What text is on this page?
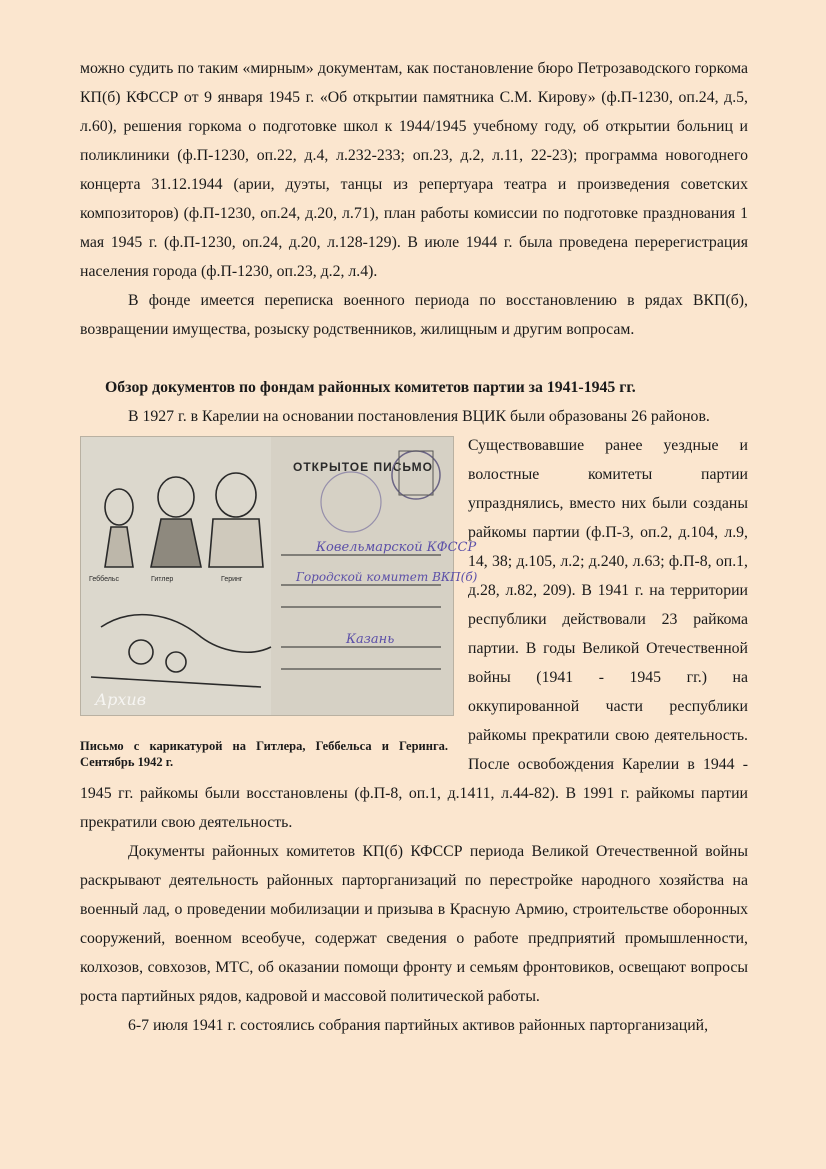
можно судить по таким «мирным» документам, как постановление бюро Петрозаводского горкома КП(б) КФССР от 9 января 1945 г. «Об открытии памятника С.М. Кирову» (ф.П-1230, оп.24, д.5, л.60), решения горкома о подготовке школ к 1944/1945 учебному году, об открытии больниц и поликлиники (ф.П-1230, оп.22, д.4, л.232-233; оп.23, д.2, л.11, 22-23); программа новогоднего концерта 31.12.1944 (арии, дуэты, танцы из репертуара театра и произведения советских композиторов) (ф.П-1230, оп.24, д.20, л.71), план работы комиссии по подготовке празднования 1 мая 1945 г. (ф.П-1230, оп.24, д.20, л.128-129). В июле 1944 г. была проведена перерегистрация населения города (ф.П-1230, оп.23, д.2, л.4).

В фонде имеется переписка военного периода по восстановлению в рядах ВКП(б), возвращении имущества, розыску родственников, жилищным и другим вопросам.

Обзор документов по фондам районных комитетов партии за 1941-1945 гг.

В 1927 г. в Карелии на основании постановления ВЦИК были образованы 26 районов.

Геббельс	Гитлер	Геринг
ОТКРЫТОЕ ПИСЬМО
Ковельмарской КФССР
Городской комитет ВКП(б)
Казань
Архив
Письмо с карикатурой на Гитлера, Геббельса и Геринга. Сентябрь 1942 г.

Существовавшие ранее уездные и волостные комитеты партии упразднялись, вместо них были созданы райкомы партии (ф.П-3, оп.2, д.104, л.9, 14, 38; д.105, л.2; д.240, л.63; ф.П-8, оп.1, д.28, л.82, 209). В 1941 г. на территории республики действовали 23 райкома партии. В годы Великой Отечественной войны (1941 - 1945 гг.) на оккупированной части республики райкомы прекратили свою деятельность. После освобождения Карелии в 1944 - 1945 гг. райкомы были восстановлены (ф.П-8, оп.1, д.1411, л.44-82). В 1991 г. райкомы партии прекратили свою деятельность.

Документы районных комитетов КП(б) КФССР периода Великой Отечественной войны раскрывают деятельность районных парторганизаций по перестройке народного хозяйства на военный лад, о проведении мобилизации и призыва в Красную Армию, строительстве оборонных сооружений, военном всеобуче, содержат сведения о работе предприятий промышленности, колхозов, совхозов, МТС, об оказании помощи фронту и семьям фронтовиков, освещают вопросы роста партийных рядов, кадровой и массовой политической работы.

6-7 июля 1941 г. состоялись собрания партийных активов районных парторганизаций,
